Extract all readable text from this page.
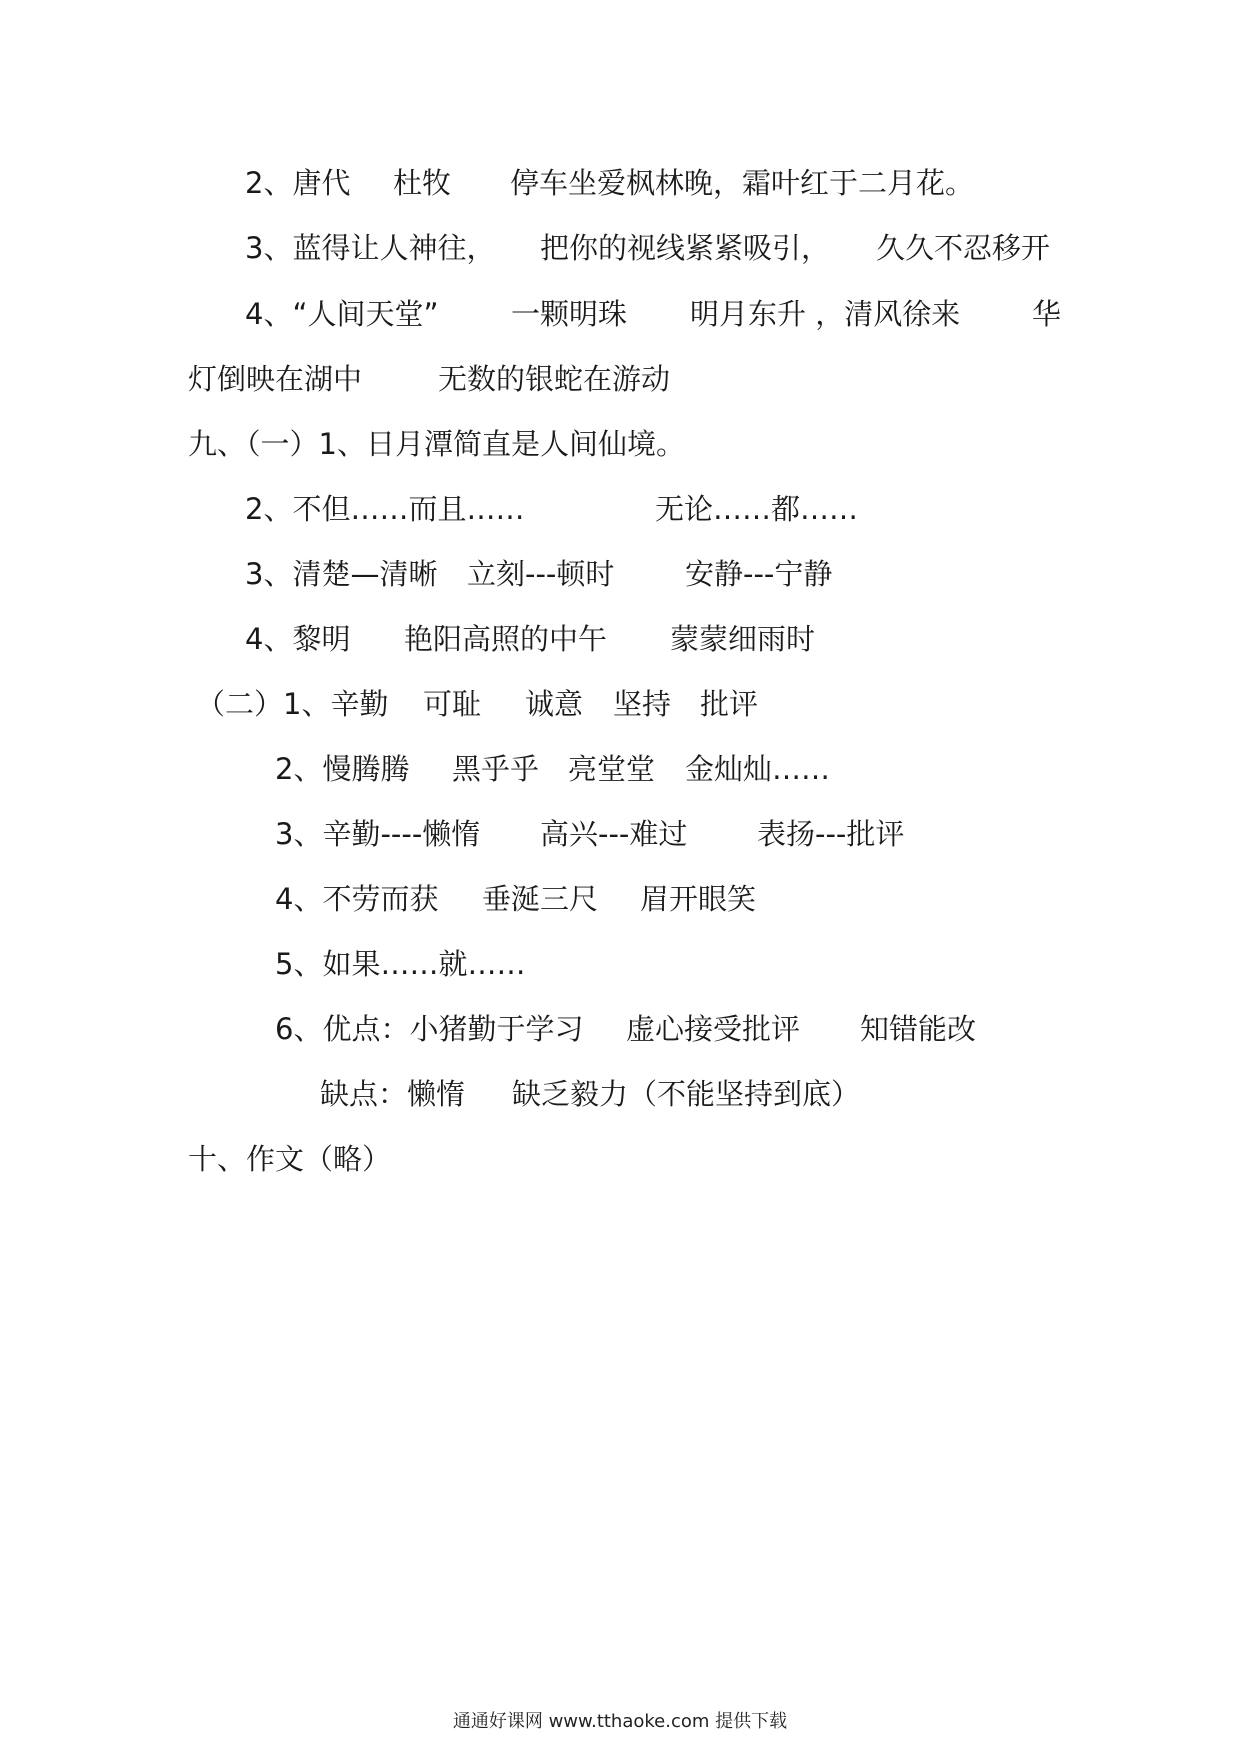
2、唐代

杜牧

停车坐爱枫林晚，霜叶红于二月花。

3、蓝得让人神往，

把你的视线紧紧吸引，

久久不忍移开

4、“人间天堂”

	一颗明珠

明月东升 ，清风徐来

华

灯倒映在湖中

	无数的银蛇在游动

九、（一）1、日月潭简直是人间仙境。

2、不但……而且……

	无论……都……

3、清楚—清晰

立刻---顿时

安静---宁静

4、黎明

艳阳高照的中午

蒙蒙细雨时

（二）1、辛勤

可耻

诚意

坚持

批评

2、慢腾腾

黑乎乎

亮堂堂

金灿灿……

3、辛勤----懒惰

高兴---难过

表扬---批评

4、不劳而获

垂涎三尺

眉开眼笑

5、如果……就……

6、优点：小猪勤于学习

虚心接受批评

知错能改

缺点：懒惰

缺乏毅力（不能坚持到底）

十、作文（略）

通通好课网 www.tthaoke.com 提供下载
